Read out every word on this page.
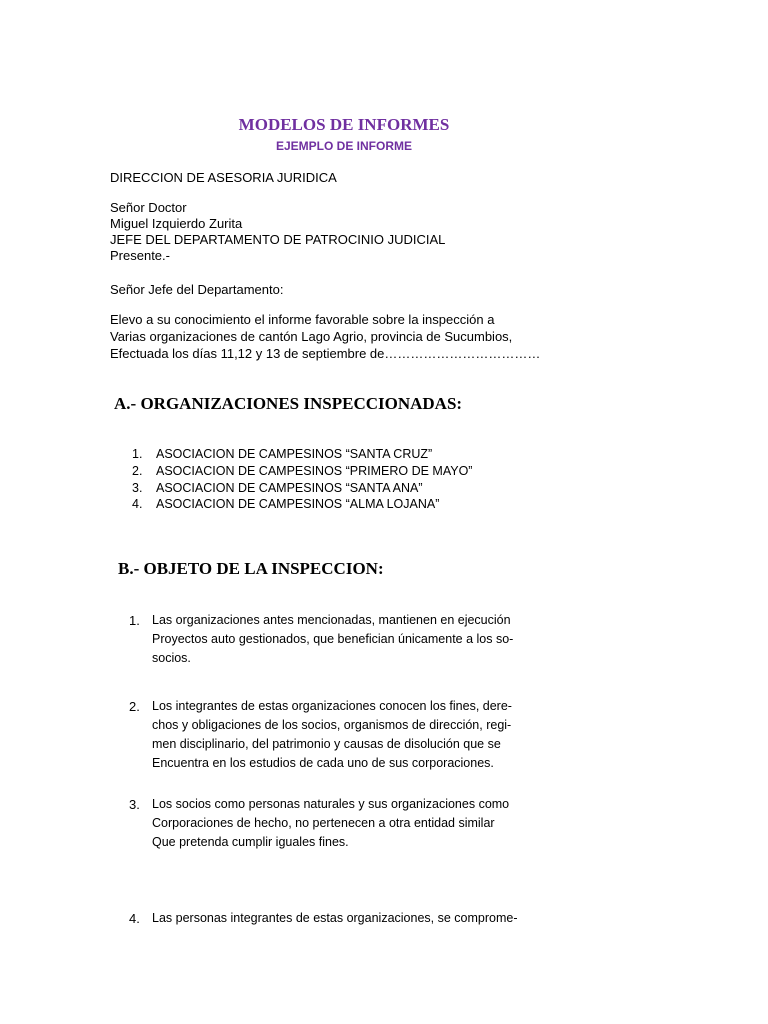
MODELOS DE INFORMES
EJEMPLO DE INFORME
DIRECCION DE ASESORIA JURIDICA
Señor Doctor
Miguel Izquierdo Zurita
JEFE DEL DEPARTAMENTO DE PATROCINIO JUDICIAL
Presente.-
Señor Jefe del Departamento:
Elevo a su conocimiento el informe favorable sobre la inspección a
Varias organizaciones de cantón Lago Agrio, provincia de Sucumbios,
Efectuada los días 11,12 y 13 de septiembre de………………………………
A.- ORGANIZACIONES INSPECCIONADAS:
1. ASOCIACION DE CAMPESINOS “SANTA CRUZ”
2. ASOCIACION DE CAMPESINOS “PRIMERO DE MAYO”
3. ASOCIACION DE CAMPESINOS “SANTA ANA”
4. ASOCIACION DE CAMPESINOS “ALMA LOJANA”
B.- OBJETO DE LA INSPECCION:
1. Las organizaciones antes mencionadas, mantienen en ejecución
Proyectos auto gestionados, que benefician únicamente a los so-
socios.
2. Los integrantes de estas organizaciones conocen los fines, dere-
chos y obligaciones de los socios, organismos de dirección, regi-
men disciplinario, del patrimonio y causas de disolución que se
Encuentra en los estudios de cada uno de sus corporaciones.
3. Los socios como personas naturales y sus organizaciones como
Corporaciones de hecho, no pertenecen a otra entidad similar
Que pretenda cumplir iguales fines.
4. Las personas integrantes de estas organizaciones, se comprome-
